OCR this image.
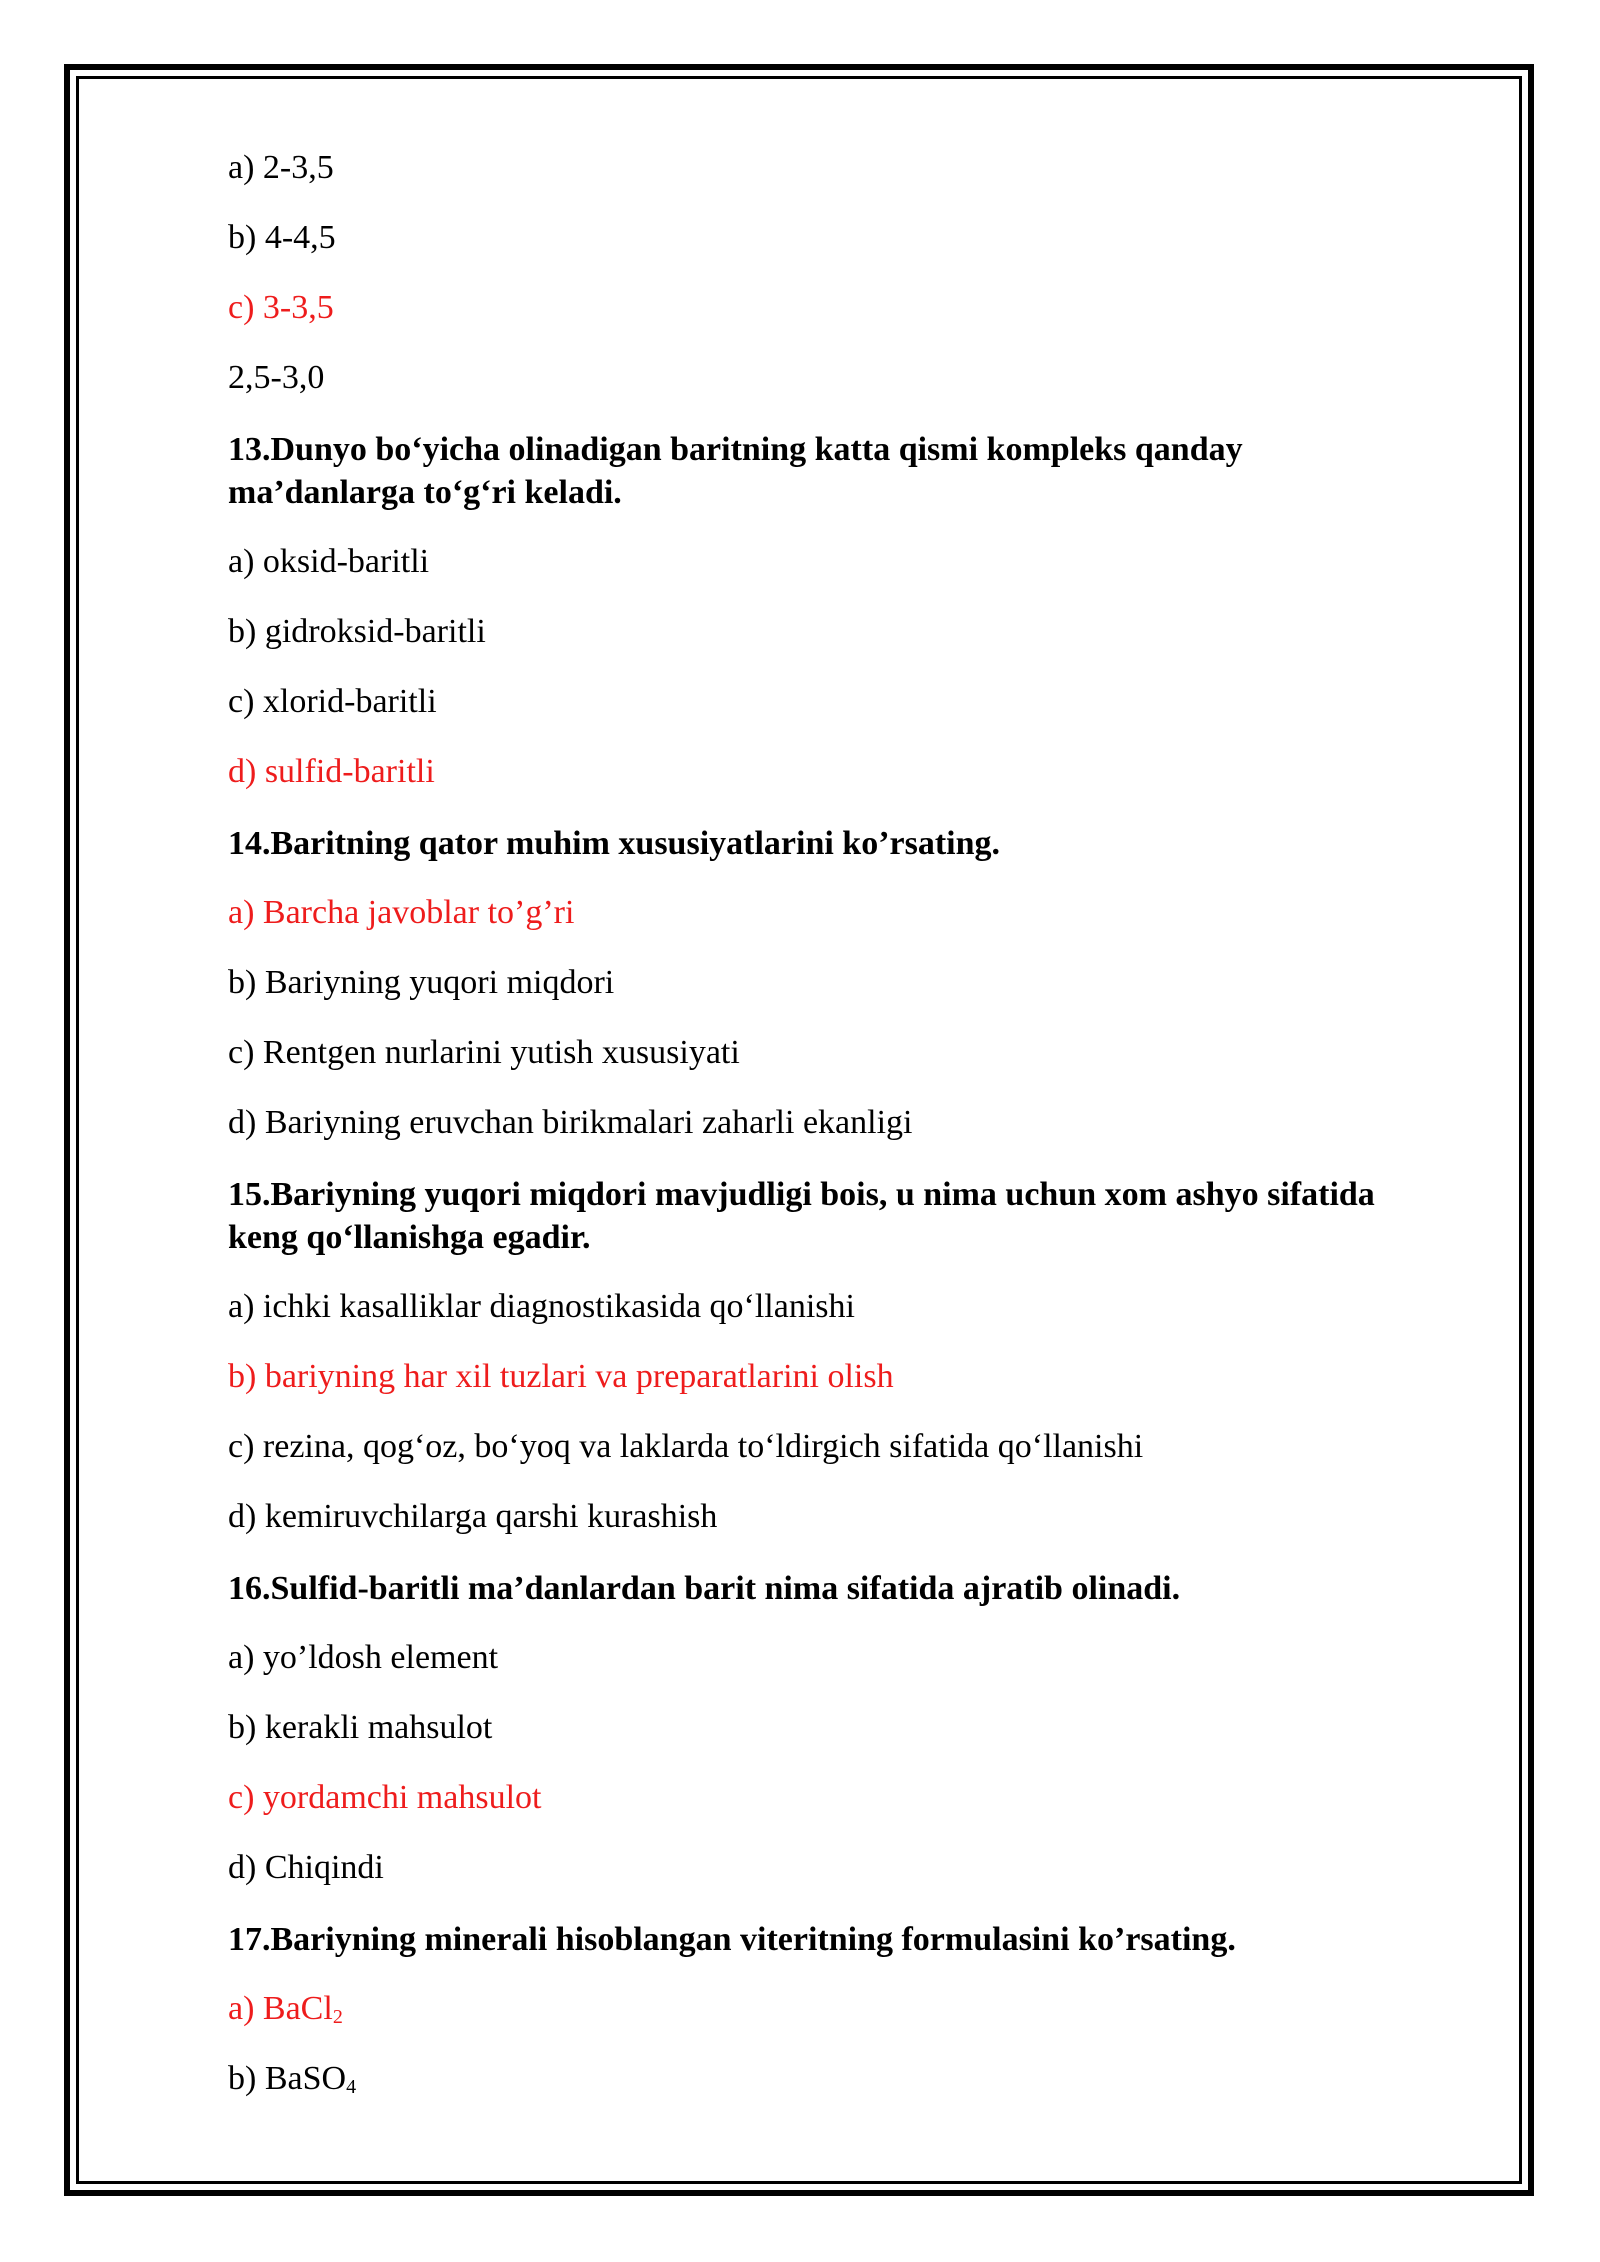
a) 2-3,5

b) 4-4,5

c) 3-3,5

2,5-3,0

13.Dunyo bo‘yicha olinadigan baritning katta qismi kompleks qanday ma’danlarga to‘g‘ri keladi.

a) oksid-baritli

b) gidroksid-baritli

c) xlorid-baritli

d) sulfid-baritli

14.Baritning qator muhim xususiyatlarini ko’rsating.

a) Barcha javoblar to’g’ri

b) Bariyning yuqori miqdori

c) Rentgen nurlarini yutish xususiyati

d) Bariyning eruvchan birikmalari zaharli ekanligi

15.Bariyning yuqori miqdori mavjudligi bois, u nima uchun xom ashyo sifatida keng qo‘llanishga egadir.

a) ichki kasalliklar diagnostikasida qo‘llanishi

b) bariyning har xil tuzlari va preparatlarini olish

c) rezina, qog‘oz, bo‘yoq va laklarda to‘ldirgich sifatida qo‘llanishi

d) kemiruvchilarga qarshi kurashish

16.Sulfid-baritli ma’danlardan barit nima sifatida ajratib olinadi.

a) yo’ldosh element

b) kerakli mahsulot

c) yordamchi mahsulot

d) Chiqindi

17.Bariyning minerali hisoblangan viteritning formulasini ko’rsating.

a) BaCl$_2$

b) BaSO$_4$
